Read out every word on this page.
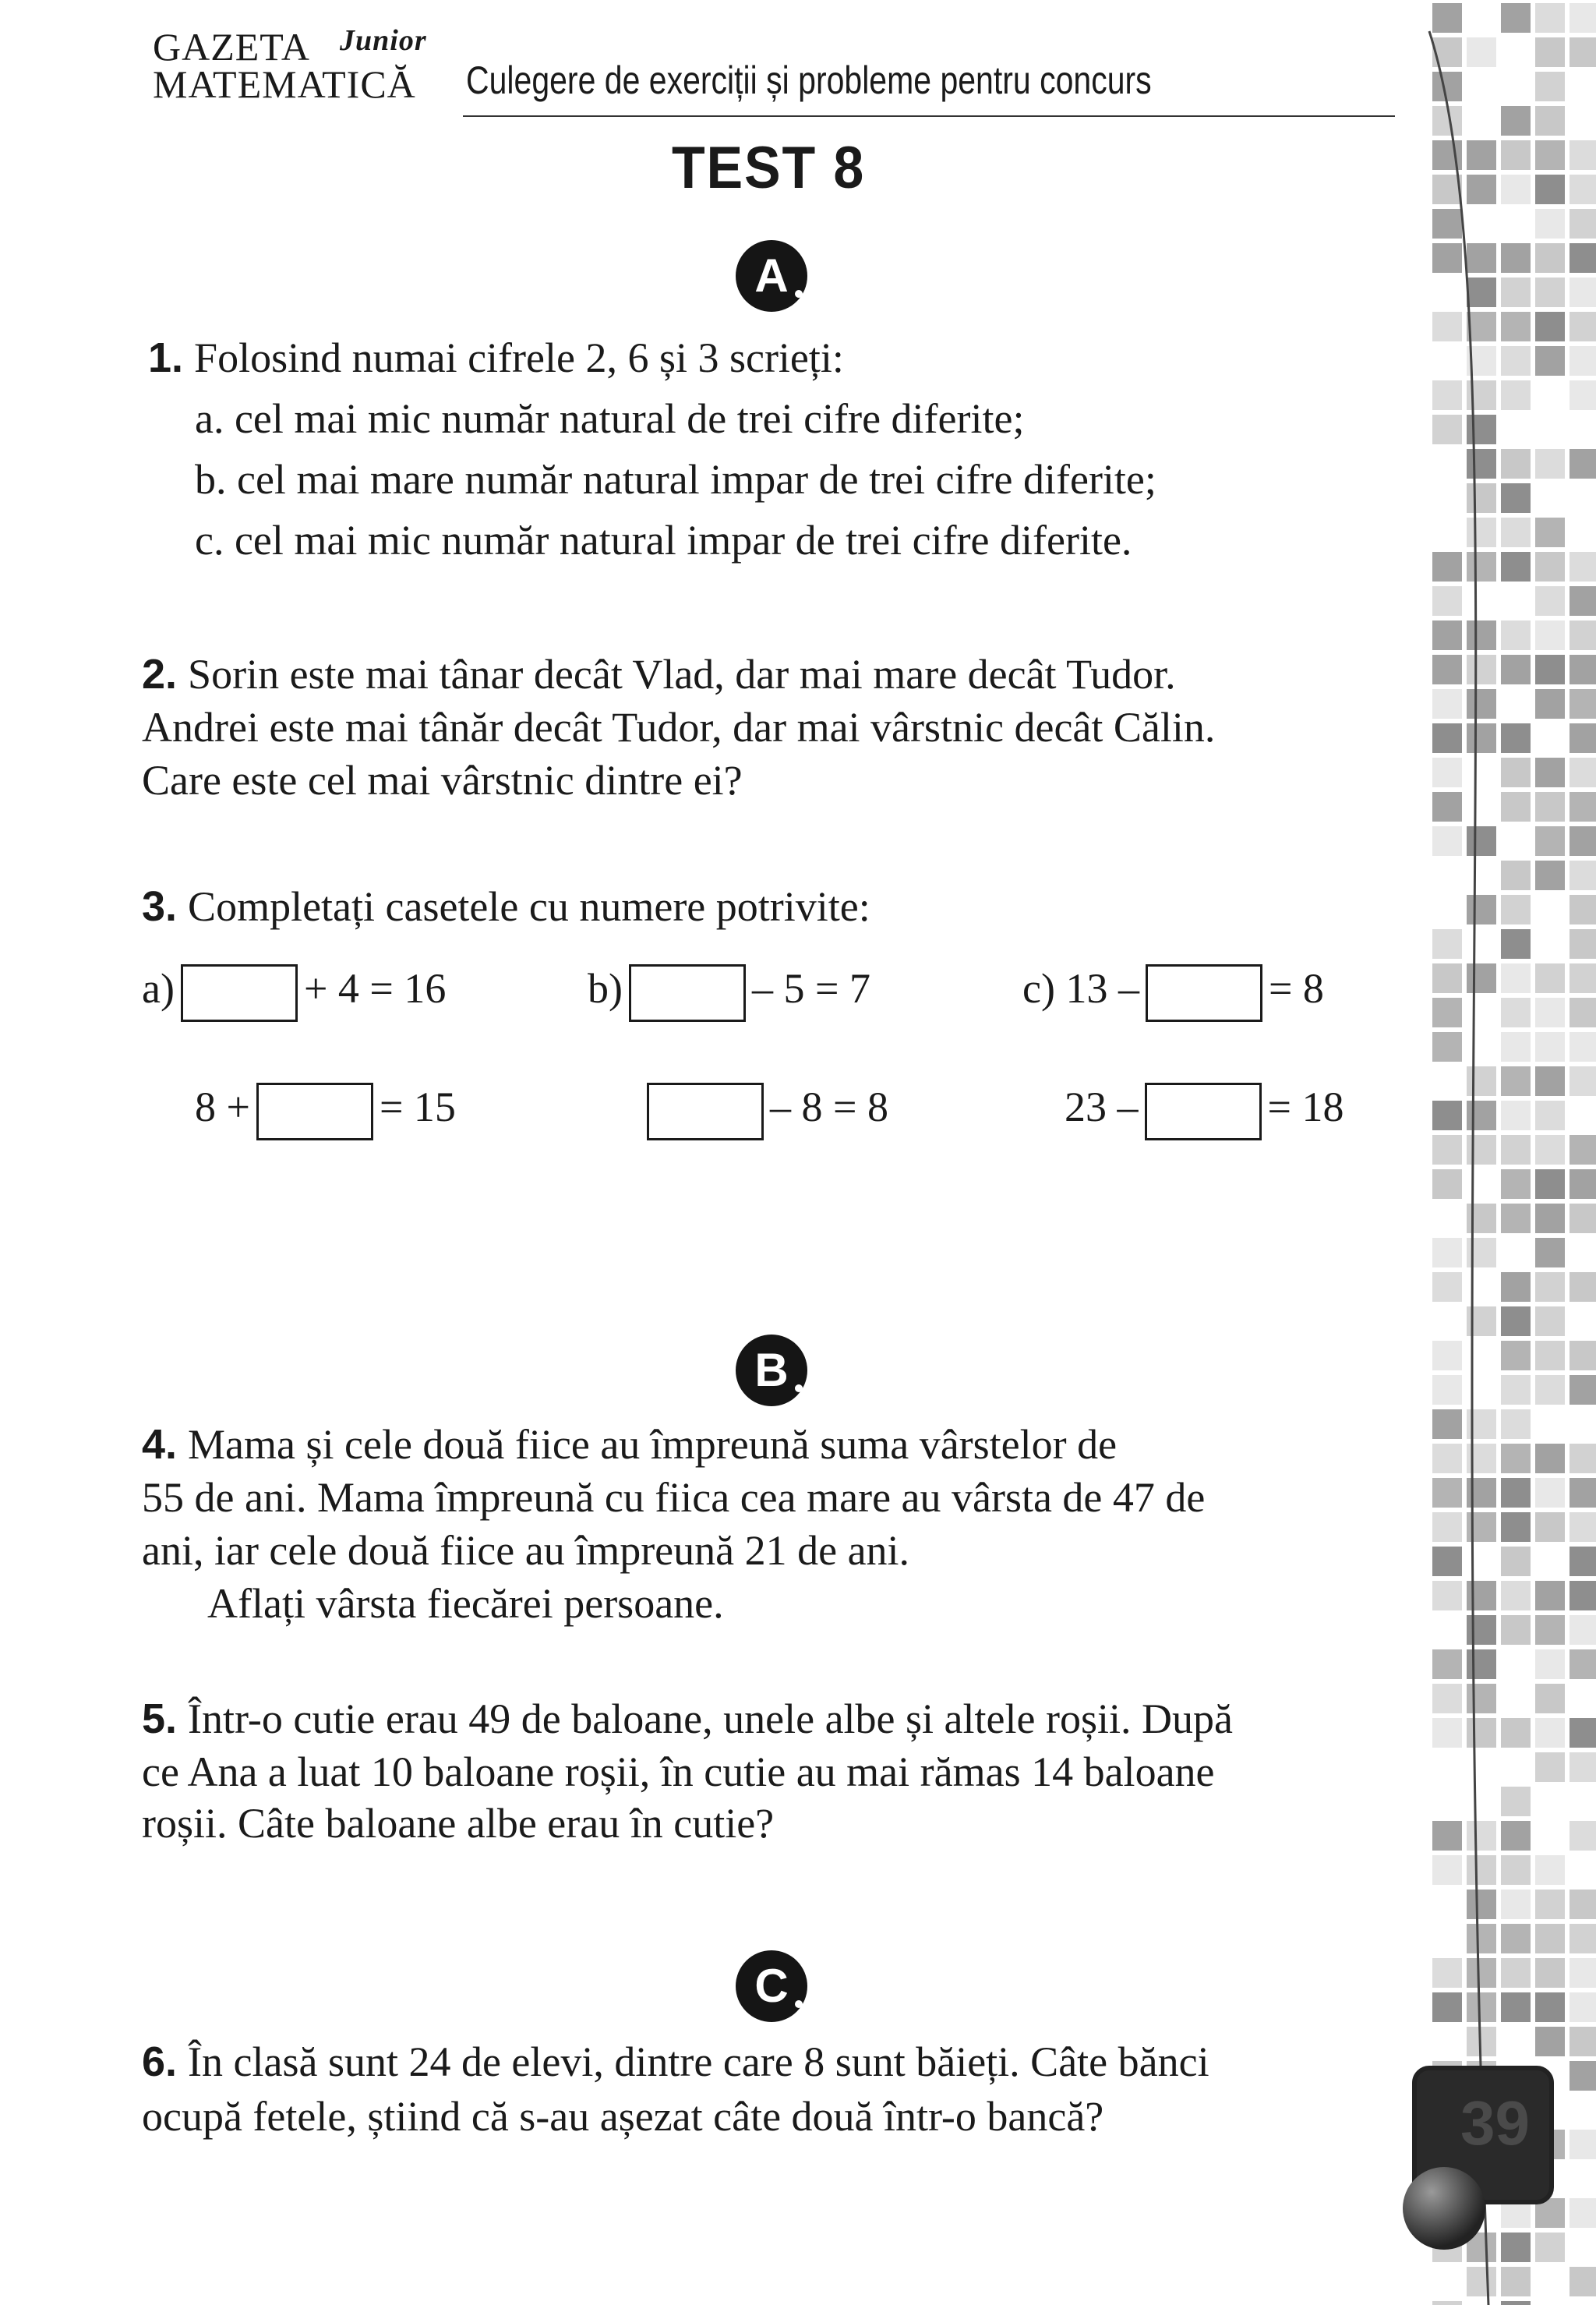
GAZETA
MATEMATICĂ
Junior
Culegere de exerciții și probleme pentru concurs
TEST 8
A
1. Folosind numai cifrele 2, 6 și 3 scrieți:
a. cel mai mic număr natural de trei cifre diferite;
b. cel mai mare număr natural impar de trei cifre diferite;
c. cel mai mic număr natural impar de trei cifre diferite.
2. Sorin este mai tânar decât Vlad, dar mai mare decât Tudor.
Andrei este mai tânăr decât Tudor, dar mai vârstnic decât Călin.
Care este cel mai vârstnic dintre ei?
3. Completați casetele cu numere potrivite:
a)	+ 4 = 16	b)	– 5 = 7	c) 13 –	= 8
8 +	= 15	– 8 = 8	23 –	= 18
B
4. Mama și cele două fiice au împreună suma vârstelor de
55 de ani. Mama împreună cu fiica cea mare au vârsta de 47 de
ani, iar cele două fiice au împreună 21 de ani.
Aflați vârsta fiecărei persoane.
5. Într-o cutie erau 49 de baloane, unele albe și altele roșii. După
ce Ana a luat 10 baloane roșii, în cutie au mai rămas 14 baloane
roșii. Câte baloane albe erau în cutie?
C
6. În clasă sunt 24 de elevi, dintre care 8 sunt băieți. Câte bănci
ocupă fetele, știind că s-au așezat câte două într-o bancă?	39
